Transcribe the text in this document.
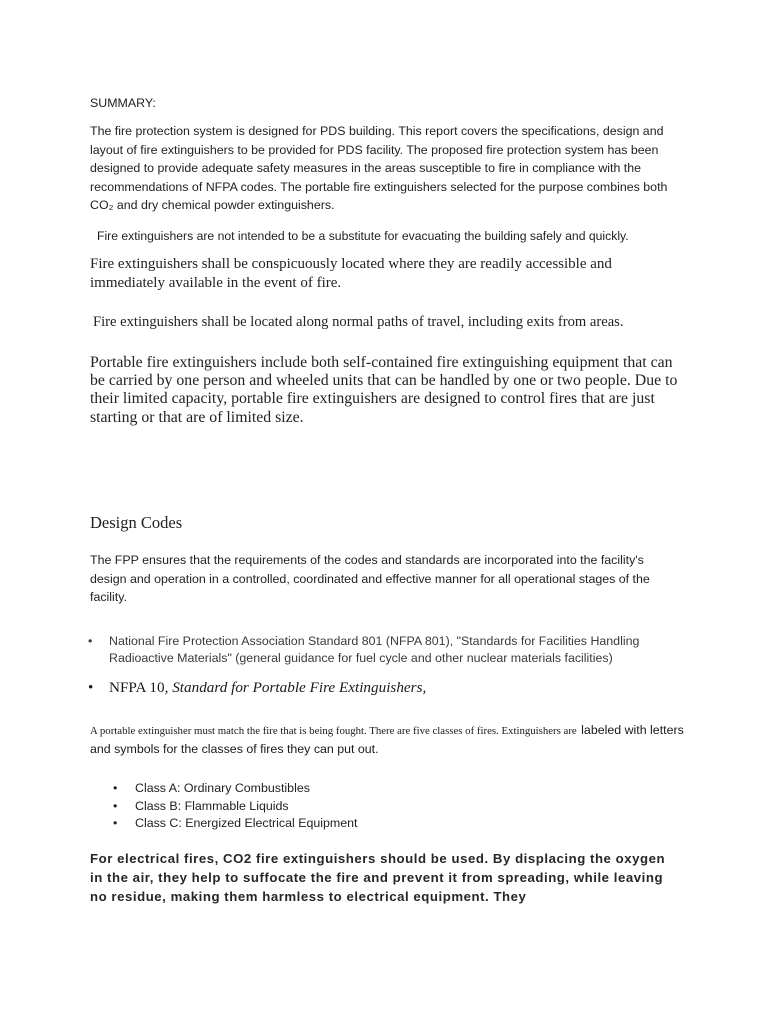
SUMMARY:

The fire protection system is designed for PDS building. This report covers the specifications, design and layout of fire extinguishers to be provided for PDS facility. The proposed fire protection system has been designed to provide adequate safety measures in the areas susceptible to fire in compliance with the recommendations of NFPA codes. The portable fire extinguishers selected for the purpose combines both CO₂ and dry chemical powder extinguishers.

Fire extinguishers are not intended to be a substitute for evacuating the building safely and quickly.

Fire extinguishers shall be conspicuously located where they are readily accessible and immediately available in the event of fire.

Fire extinguishers shall be located along normal paths of travel, including exits from areas.

Portable fire extinguishers include both self-contained fire extinguishing equipment that can be carried by one person and wheeled units that can be handled by one or two people. Due to their limited capacity, portable fire extinguishers are designed to control fires that are just starting or that are of limited size.

Design Codes

The FPP ensures that the requirements of the codes and standards are incorporated into the facility's design and operation in a controlled, coordinated and effective manner for all operational stages of the facility.

• National Fire Protection Association Standard 801 (NFPA 801), "Standards for Facilities Handling Radioactive Materials" (general guidance for fuel cycle and other nuclear materials facilities)
• NFPA 10, Standard for Portable Fire Extinguishers,

A portable extinguisher must match the fire that is being fought. There are five classes of fires. Extinguishers are labeled with letters and symbols for the classes of fires they can put out.

• Class A: Ordinary Combustibles
• Class B: Flammable Liquids
• Class C: Energized Electrical Equipment

For electrical fires, CO2 fire extinguishers should be used. By displacing the oxygen in the air, they help to suffocate the fire and prevent it from spreading, while leaving no residue, making them harmless to electrical equipment. They
